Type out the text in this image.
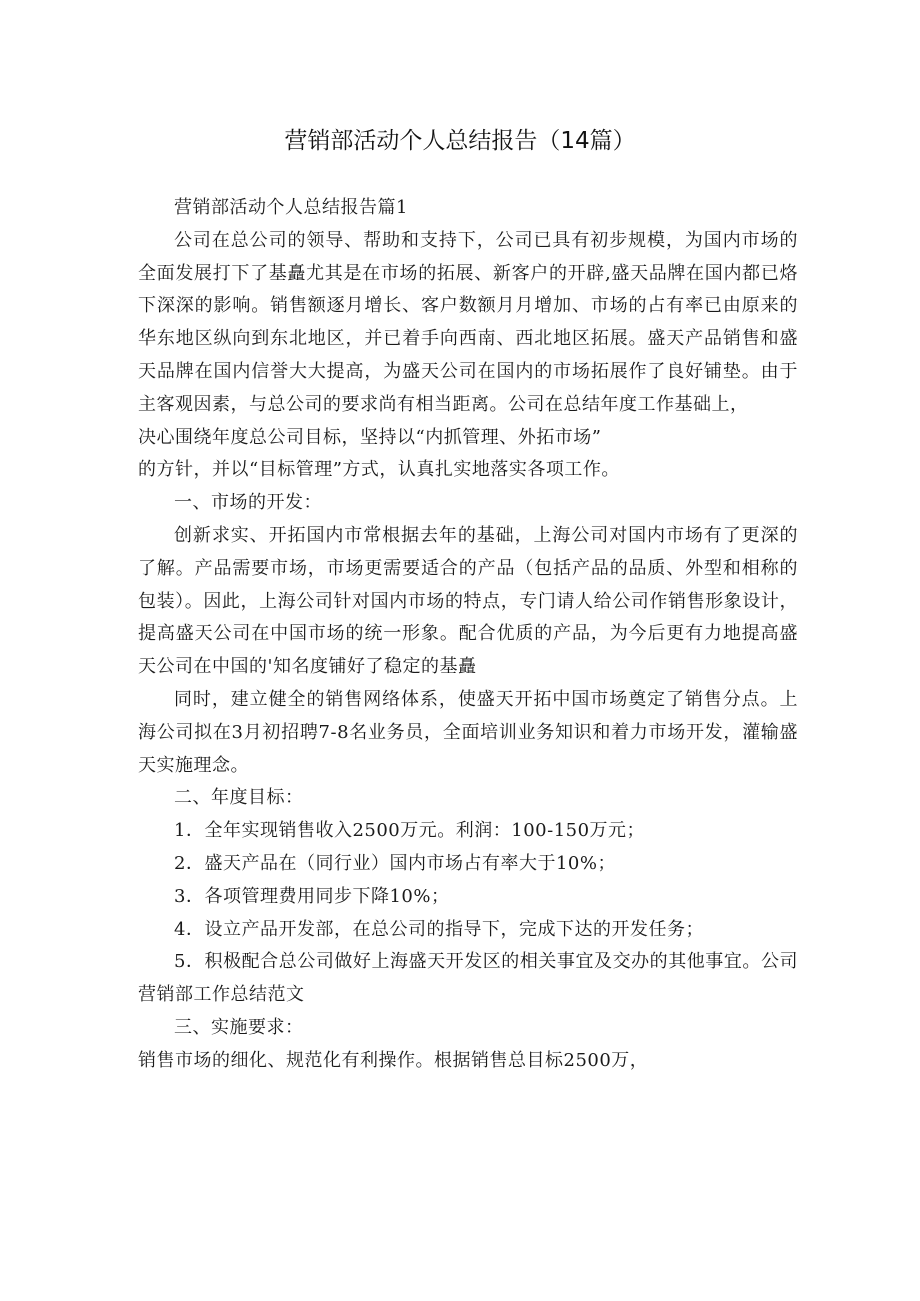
营销部活动个人总结报告（14篇）

营销部活动个人总结报告篇1

公司在总公司的领导、帮助和支持下，公司已具有初步规模，为国内市场的全面发展打下了基矗尤其是在市场的拓展、新客户的开辟,盛天品牌在国内都已烙下深深的影响。销售额逐月增长、客户数额月月增加、市场的占有率已由原来的华东地区纵向到东北地区，并已着手向西南、西北地区拓展。盛天产品销售和盛天品牌在国内信誉大大提高，为盛天公司在国内的市场拓展作了良好铺垫。由于主客观因素，与总公司的要求尚有相当距离。公司在总结年度工作基础上，

决心围绕年度总公司目标，坚持以“内抓管理、外拓市场”

的方针，并以“目标管理”方式，认真扎实地落实各项工作。

一、市场的开发：

创新求实、开拓国内市常根据去年的基础，上海公司对国内市场有了更深的了解。产品需要市场，市场更需要适合的产品（包括产品的品质、外型和相称的包装）。因此，上海公司针对国内市场的特点，专门请人给公司作销售形象设计，提高盛天公司在中国市场的统一形象。配合优质的产品，为今后更有力地提高盛天公司在中国的'知名度铺好了稳定的基矗

同时，建立健全的销售网络体系，使盛天开拓中国市场奠定了销售分点。上海公司拟在3月初招聘7-8名业务员，全面培训业务知识和着力市场开发，灌输盛天实施理念。

二、年度目标：

1．全年实现销售收入2500万元。利润：100-150万元；

2．盛天产品在（同行业）国内市场占有率大于10%；

3．各项管理费用同步下降10%；

4．设立产品开发部，在总公司的指导下，完成下达的开发任务；

5．积极配合总公司做好上海盛天开发区的相关事宜及交办的其他事宜。公司营销部工作总结范文

三、实施要求：

销售市场的细化、规范化有利操作。根据销售总目标2500万，
